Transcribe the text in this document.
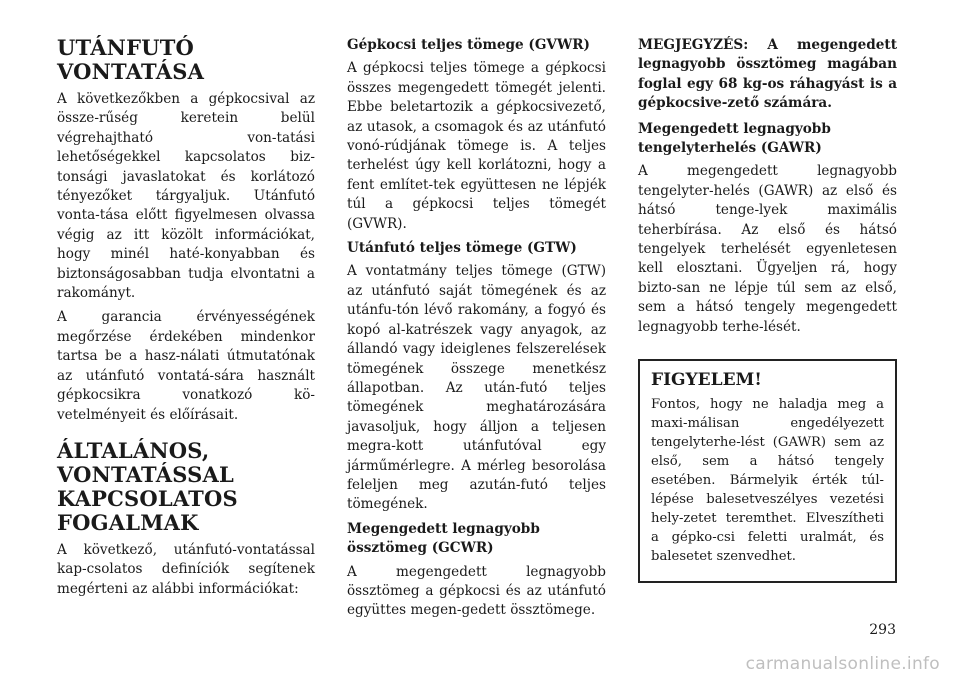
UTÁNFUTÓ
VONTATÁSA

A következőkben a gépkocsival az össze-rűség keretein belül végrehajtható von-tatási lehetőségekkel kapcsolatos biz-tonsági javaslatokat és korlátozó tényezőket tárgyaljuk. Utánfutó vonta-tása előtt figyelmesen olvassa végig az itt közölt információkat, hogy minél haté-konyabban és biztonságosabban tudja elvontatni a rakományt.

A garancia érvényességének megőrzése érdekében mindenkor tartsa be a hasz-nálati útmutatónak az utánfutó vontatá-sára használt gépkocsikra vonatkozó kö-vetelményeit és előírásait.

ÁLTALÁNOS,
VONTATÁSSAL
KAPCSOLATOS
FOGALMAK

A következő, utánfutó-vontatással kap-csolatos definíciók segítenek megérteni az alábbi információkat:

Gépkocsi teljes tömege (GVWR)

A gépkocsi teljes tömege a gépkocsi összes megengedett tömegét jelenti. Ebbe beletartozik a gépkocsivezető, az utasok, a csomagok és az utánfutó vonó-rúdjának tömege is. A teljes terhelést úgy kell korlátozni, hogy a fent említet-tek együttesen ne lépjék túl a gépkocsi teljes tömegét (GVWR).

Utánfutó teljes tömege (GTW)

A vontatmány teljes tömege (GTW) az utánfutó saját tömegének és az utánfu-tón lévő rakomány, a fogyó és kopó al-katrészek vagy anyagok, az állandó vagy ideiglenes felszerelések tömegének összege menetkész állapotban. Az után-futó teljes tömegének meghatározására javasoljuk, hogy álljon a teljesen megra-kott utánfutóval egy járműmérlegre. A mérleg besorolása feleljen meg azután-futó teljes tömegének.

Megengedett legnagyobb össztömeg (GCWR)

A megengedett legnagyobb össztömeg a gépkocsi és az utánfutó együttes megen-gedett össztömege.

MEGJEGYZÉS: A megengedett legnagyobb össztömeg magában foglal egy 68 kg-os ráhagyást is a gépkocsive-zető számára.
Megengedett legnagyobb tengelyterhelés (GAWR)

A megengedett legnagyobb tengelyter-helés (GAWR) az első és hátsó tenge-lyek maximális teherbírása. Az első és hátsó tengelyek terhelését egyenletesen kell elosztani. Ügyeljen rá, hogy bizto-san ne lépje túl sem az első, sem a hátsó tengely megengedett legnagyobb terhe-lését.

FIGYELEM!

Fontos, hogy ne haladja meg a maxi-málisan engedélyezett tengelyterhe-lést (GAWR) sem az első, sem a hátsó tengely esetében. Bármelyik érték túl-lépése balesetveszélyes vezetési hely-zetet teremthet. Elveszítheti a gépko-csi feletti uralmát, és balesetet szenvedhet.

293
carmanualsonline.info
